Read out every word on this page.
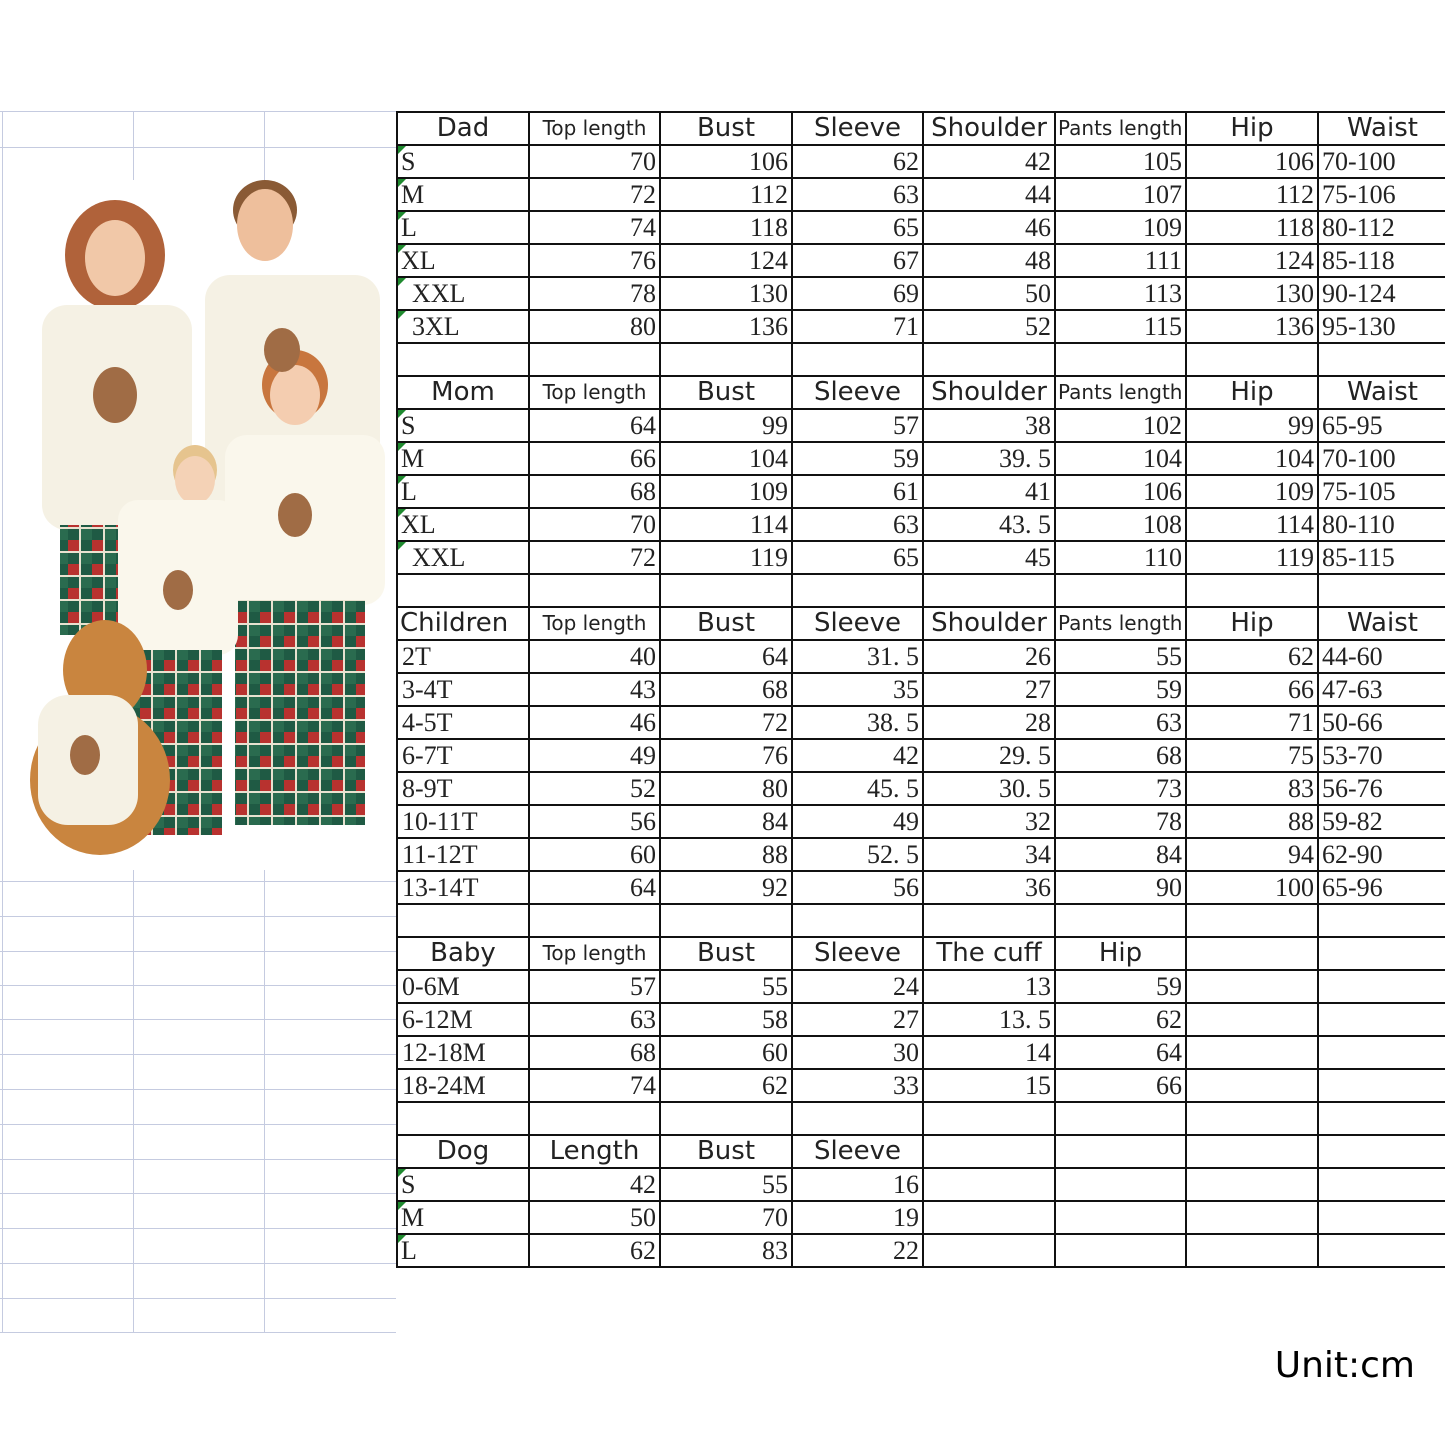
Dad	Top length	Bust	Sleeve	Shoulder	Pants length	Hip	Waist
S	70	106	62	42	105	106	70-100
M	72	112	63	44	107	112	75-106
L	74	118	65	46	109	118	80-112
XL	76	124	67	48	111	124	85-118
XXL	78	130	69	50	113	130	90-124
3XL	80	136	71	52	115	136	95-130

Mom	Top length	Bust	Sleeve	Shoulder	Pants length	Hip	Waist
S	64	99	57	38	102	99	65-95
M	66	104	59	39. 5	104	104	70-100
L	68	109	61	41	106	109	75-105
XL	70	114	63	43. 5	108	114	80-110
XXL	72	119	65	45	110	119	85-115

Children	Top length	Bust	Sleeve	Shoulder	Pants length	Hip	Waist
2T	40	64	31. 5	26	55	62	44-60
3-4T	43	68	35	27	59	66	47-63
4-5T	46	72	38. 5	28	63	71	50-66
6-7T	49	76	42	29. 5	68	75	53-70
8-9T	52	80	45. 5	30. 5	73	83	56-76
10-11T	56	84	49	32	78	88	59-82
11-12T	60	88	52. 5	34	84	94	62-90
13-14T	64	92	56	36	90	100	65-96

Baby	Top length	Bust	Sleeve	The cuff	Hip		
0-6M	57	55	24	13	59		
6-12M	63	58	27	13. 5	62		
12-18M	68	60	30	14	64		
18-24M	74	62	33	15	66		

Dog	Length	Bust	Sleeve				
S	42	55	16				
M	50	70	19				
L	62	83	22				
Unit:cm
